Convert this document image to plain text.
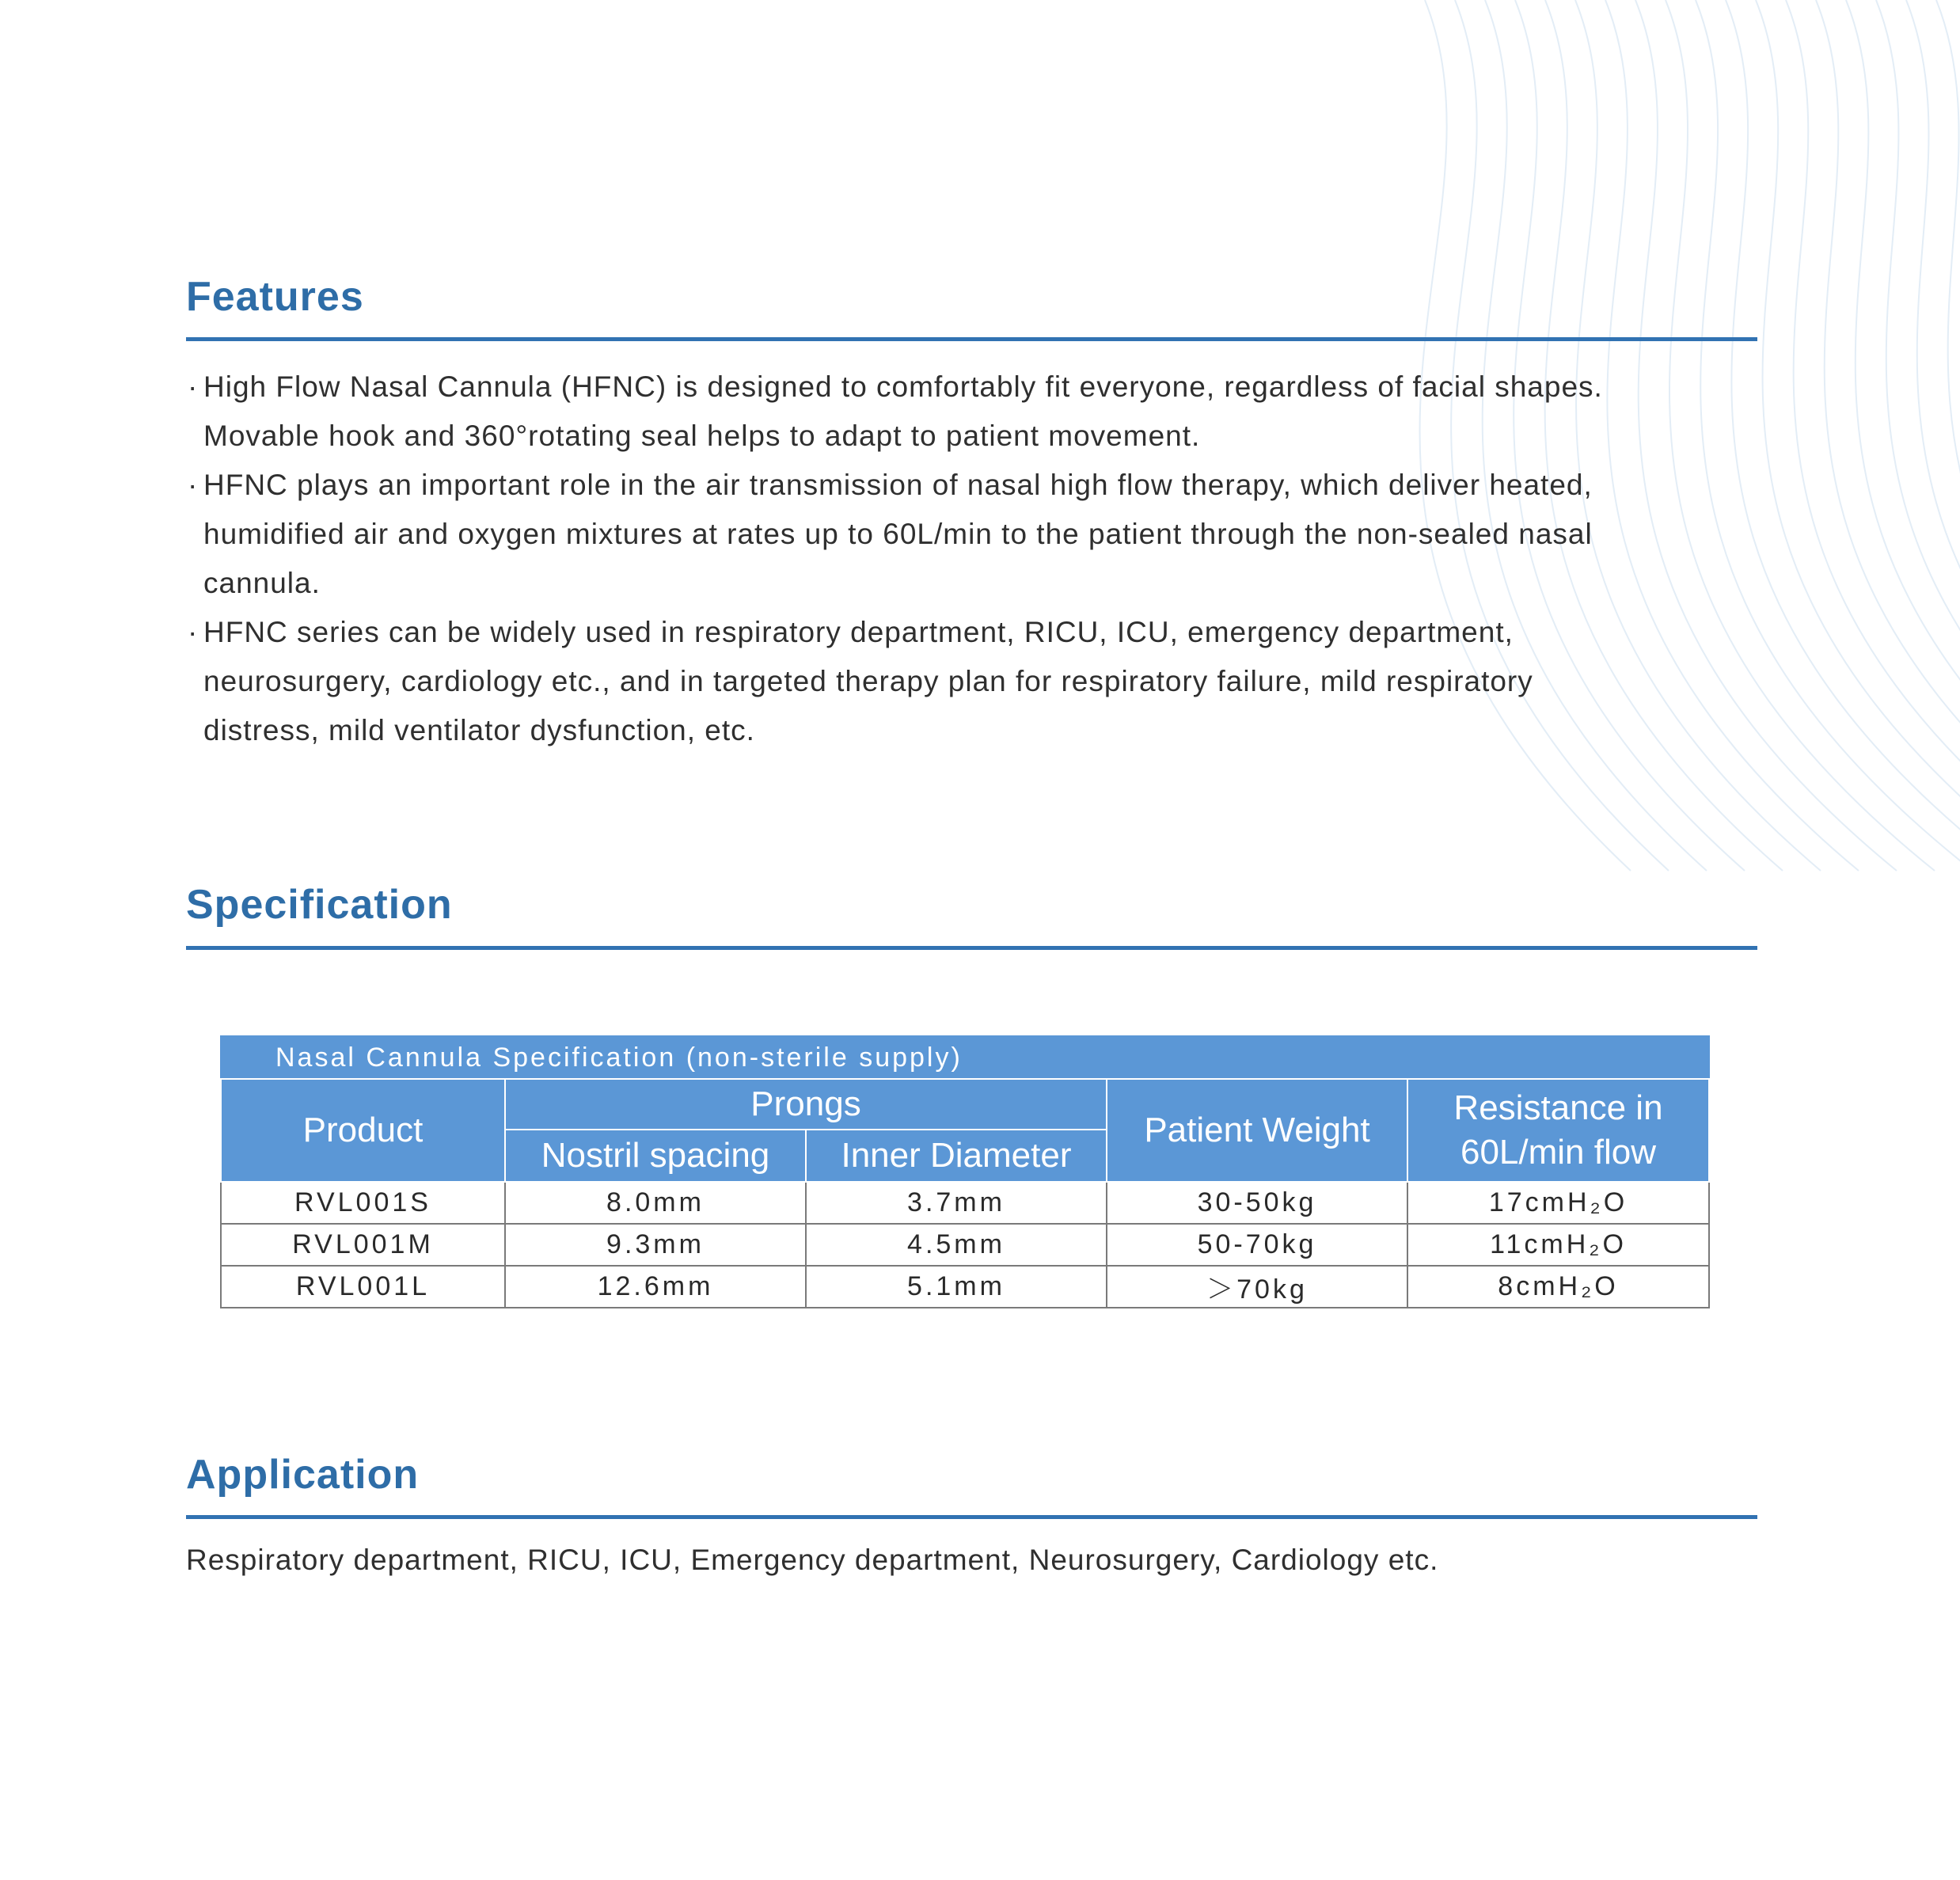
Features
· High Flow Nasal Cannula (HFNC) is designed to comfortably fit everyone, regardless of facial shapes.
Movable hook and 360°rotating seal helps to adapt to patient movement.
· HFNC plays an important role in the air transmission of nasal high flow therapy, which deliver heated,
humidified air and oxygen mixtures at rates up to 60L/min to the patient through the non-sealed nasal
cannula.
· HFNC series can be widely used in respiratory department, RICU, ICU, emergency department,
neurosurgery, cardiology etc., and in targeted therapy plan for respiratory failure, mild respiratory
distress, mild ventilator dysfunction, etc.
Specification
Nasal Cannula Specification (non-sterile supply)				
Product	Prongs		Patient Weight	Resistance in
60L/min flow
	Nostril spacing	Inner Diameter		
RVL001S	8.0mm	3.7mm	30-50kg	17cmH₂O
RVL001M	9.3mm	4.5mm	50-70kg	11cmH₂O
RVL001L	12.6mm	5.1mm	＞70kg	8cmH₂O
Application

Respiratory department, RICU, ICU, Emergency department, Neurosurgery, Cardiology etc.
